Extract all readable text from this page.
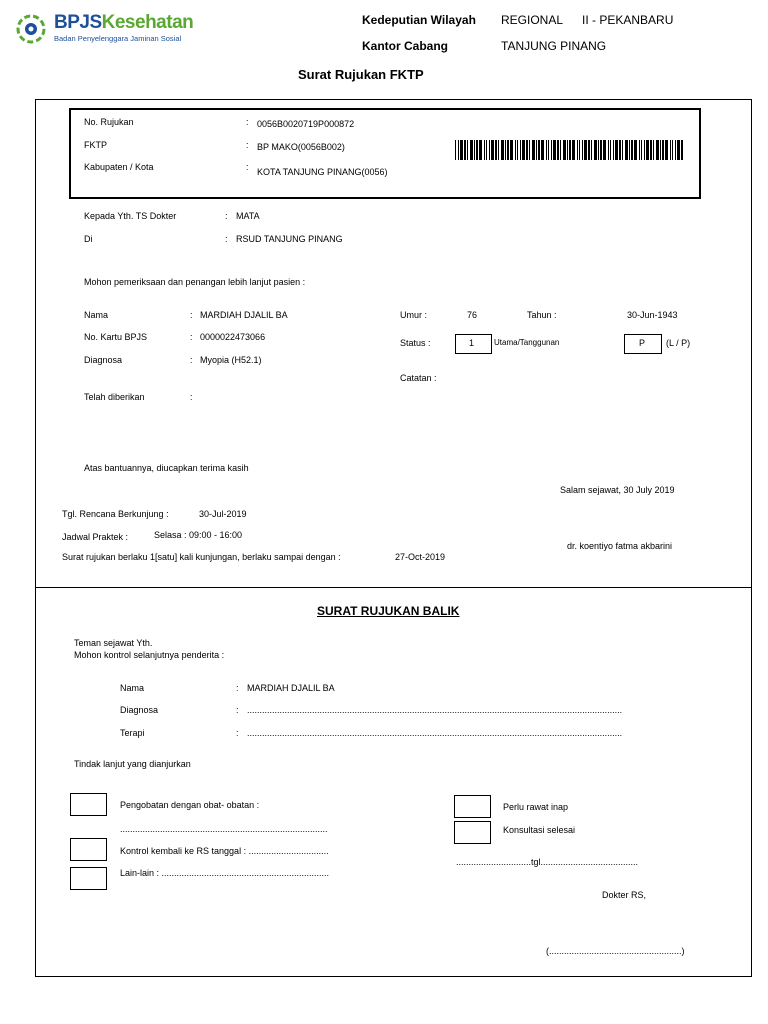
BPJSKesehatan
Badan Penyelenggara Jaminan Sosial
Kedeputian Wilayah REGIONAL II - PEKANBARU
Kantor Cabang	TANJUNG PINANG
Surat Rujukan FKTP
No. Rujukan	: 0056B0020719P000872
FKTP	: BP MAKO(0056B002)
Kabupaten / Kota	: KOTA TANJUNG PINANG(0056)
Kepada Yth. TS Dokter	: MATA
Di	: RSUD TANJUNG PINANG
Mohon pemeriksaan dan penangan lebih lanjut pasien :
Nama	: MARDIAH DJALIL BA
No. Kartu BPJS	: 0000022473066
Diagnosa	: Myopia (H52.1)
Telah diberikan	:
Umur :	76	Tahun :	30-Jun-1943
Status :	1 Utama/Tanggunan	P (L / P)
Catatan :
Atas bantuannya, diucapkan terima kasih
Salam sejawat, 30 July 2019
Tgl. Rencana Berkunjung :	30-Jul-2019
Jadwal Praktek :	Selasa : 09:00 - 16:00
Surat rujukan berlaku 1[satu] kali kunjungan, berlaku sampai dengan :	27-Oct-2019
dr. koentiyo fatma akbarini
SURAT RUJUKAN BALIK
Teman sejawat Yth.
Mohon kontrol selanjutnya penderita :
Nama	: MARDIAH DJALIL BA
Diagnosa	: ......................................................................................................................................................
Terapi	: ......................................................................................................................................................
Tindak lanjut yang dianjurkan
Pengobatan dengan obat- obatan :
...................................................................................
Kontrol kembali ke RS tanggal : ................................
Lain-lain : ...................................................................
Perlu rawat inap
Konsultasi selesai
..............................tgl.......................................
Dokter RS,
(.....................................................)
